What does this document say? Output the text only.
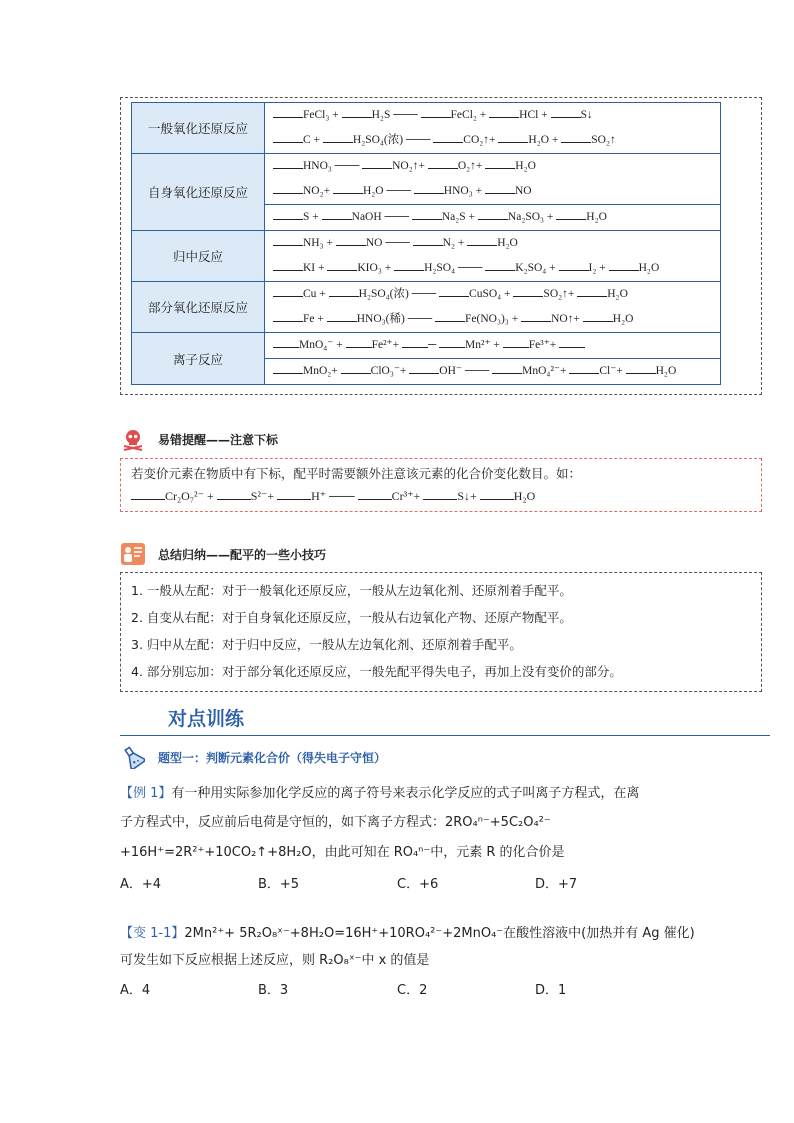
一般氧化还原反应	FeCl₃ + H₂S ─── FeCl₂ + HCl + S↓
C + H₂SO₄(浓) ─── CO₂↑+ H₂O + SO₂↑

自身氧化还原反应	HNO₃ ─── NO₂↑+ O₂↑+ H₂O
NO₂+ H₂O ─── HNO₃ + NO
S + NaOH ─── Na₂S + Na₂SO₃ + H₂O

归中反应	NH₃ + NO ─── N₂ + H₂O
KI + KIO₃ + H₂SO₄ ─── K₂SO₄ + I₂ + H₂O

部分氧化还原反应	Cu + H₂SO₄(浓) ─── CuSO₄ + SO₂↑+ H₂O
Fe + HNO₃(稀) ─── Fe(NO₃)₃ + NO↑+ H₂O

离子反应	MnO₄⁻ + Fe²⁺+ ─ Mn²⁺ + Fe³⁺+
MnO₂+ ClO₃⁻+ OH⁻ ─── MnO₄²⁻+ Cl⁻+ H₂O
易错提醒——注意下标
若变价元素在物质中有下标，配平时需要额外注意该元素的化合价变化数目。如：
Cr₂O₇²⁻ +	S²⁻+	H⁺ ───	Cr³⁺+	S↓+	H₂O
总结归纳——配平的一些小技巧
1. 一般从左配：对于一般氧化还原反应，一般从左边氧化剂、还原剂着手配平。
2. 自变从右配：对于自身氧化还原反应，一般从右边氧化产物、还原产物配平。
3. 归中从左配：对于归中反应，一般从左边氧化剂、还原剂着手配平。
4. 部分别忘加：对于部分氧化还原反应，一般先配平得失电子，再加上没有变价的部分。
对点训练
题型一：判断元素化合价（得失电子守恒）
【例 1】有一种用实际参加化学反应的离子符号来表示化学反应的式子叫离子方程式，在离
子方程式中，反应前后电荷是守恒的，如下离子方程式：2RO₄ⁿ⁻+5C₂O₄²⁻
+16H⁺=2R²⁺+10CO₂↑+8H₂O，由此可知在 RO₄ⁿ⁻中，元素 R 的化合价是
A．+4	B．+5	C．+6	D．+7
【变 1-1】2Mn²⁺+ 5R₂O₈ˣ⁻+8H₂O=16H⁺+10RO₄²⁻+2MnO₄⁻在酸性溶液中(加热并有 Ag 催化)
可发生如下反应根据上述反应，则 R₂O₈ˣ⁻中 x 的值是
A．4	B．3	C．2	D．1
